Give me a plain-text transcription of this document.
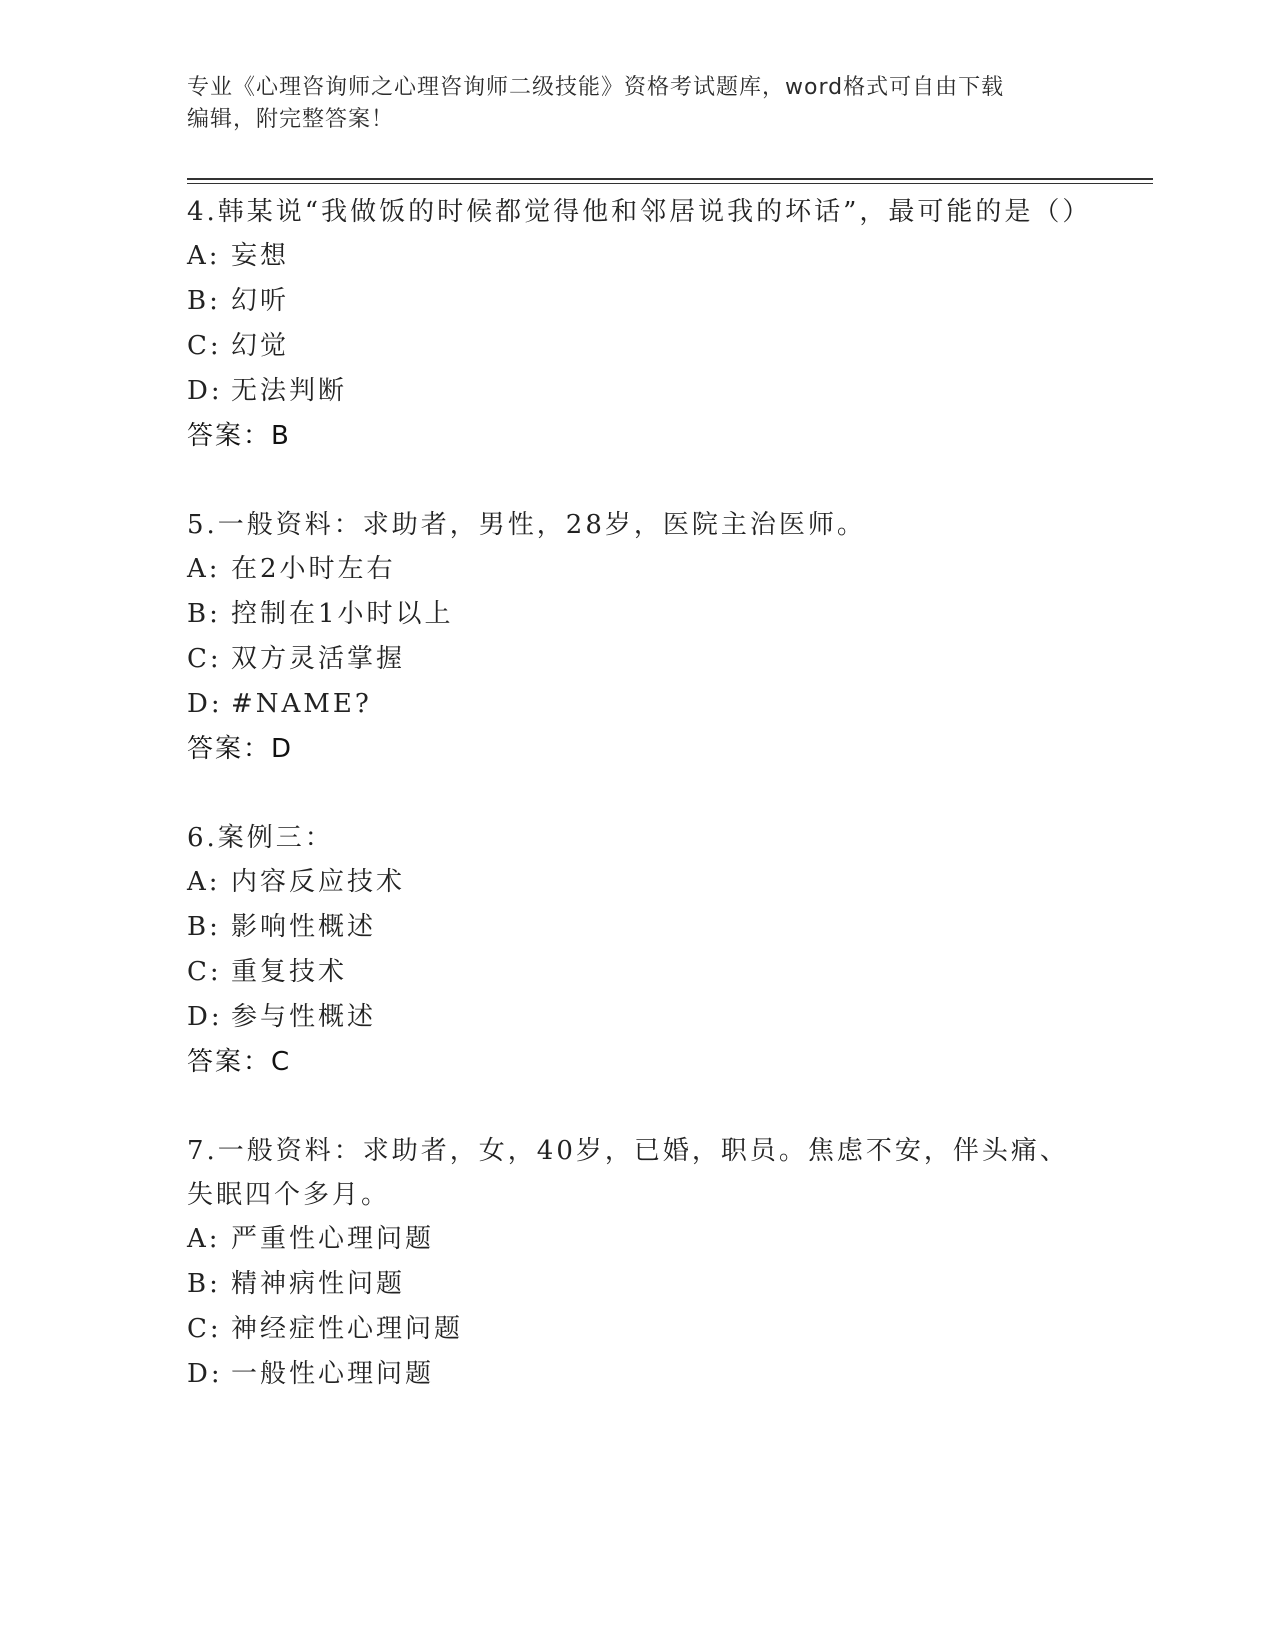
专业《心理咨询师之心理咨询师二级技能》资格考试题库，word格式可自由下载
编辑，附完整答案！

4.韩某说“我做饭的时候都觉得他和邻居说我的坏话”，最可能的是（）

A: 妄想
B: 幻听
C: 幻觉
D: 无法判断
答案：B

5.一般资料：求助者，男性，28岁，医院主治医师。

A: 在2小时左右
B: 控制在1小时以上
C: 双方灵活掌握
D: #NAME?
答案：D

6.案例三：

A: 内容反应技术
B: 影响性概述
C: 重复技术
D: 参与性概述
答案：C

7.一般资料：求助者，女，40岁，已婚，职员。焦虑不安，伴头痛、失眠四个多月。

A: 严重性心理问题
B: 精神病性问题
C: 神经症性心理问题
D: 一般性心理问题
